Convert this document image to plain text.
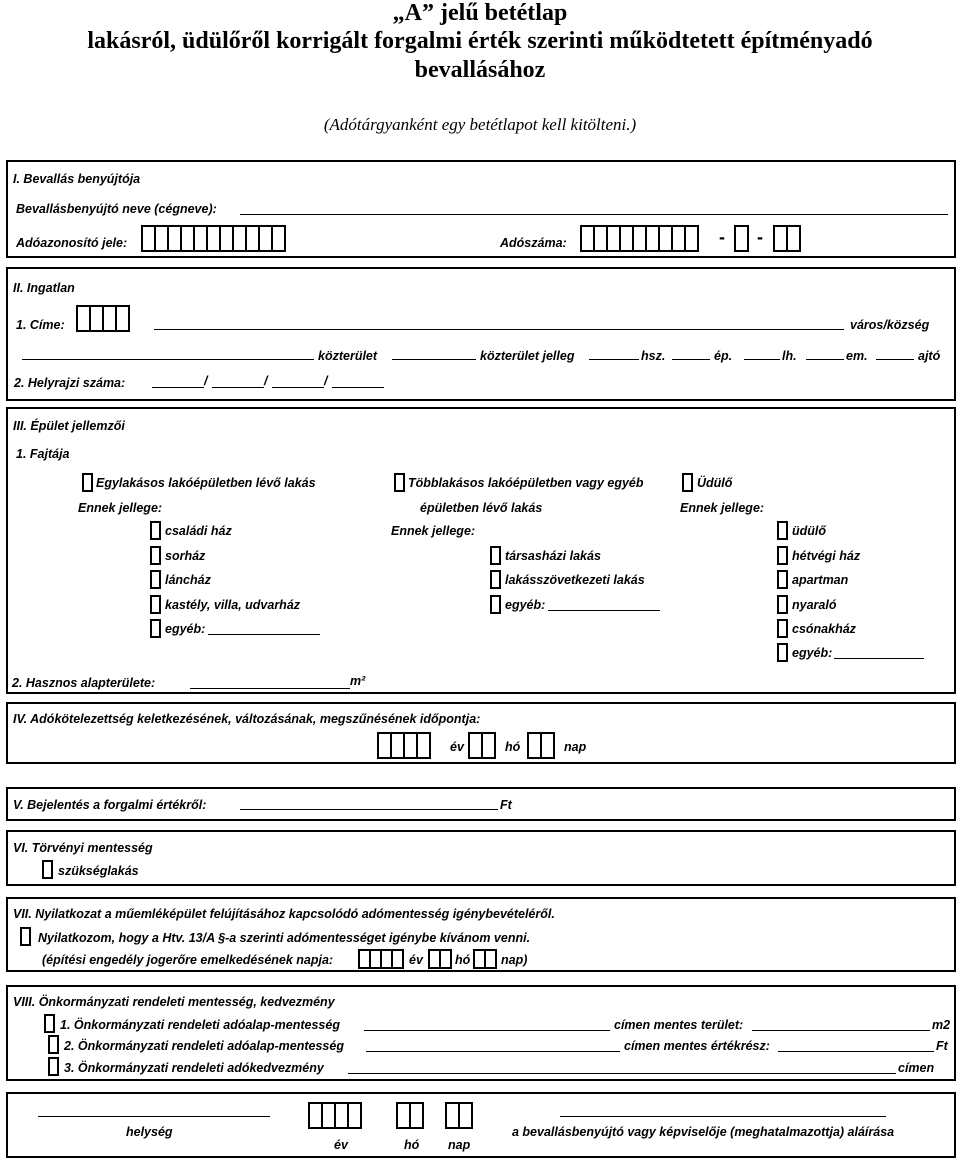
„A” jelű betétlap
lakásról, üdülőről korrigált forgalmi érték szerinti működtetett építményadó
bevallásához
(Adótárgyanként egy betétlapot kell kitölteni.)
I. Bevallás benyújtója
Bevallásbenyújtó neve (cégneve):
Adóazonosító jele:	Adószáma:	- -
II. Ingatlan
1. Címe:	város/község
közterület	közterület jelleg	hsz.	ép.	lh.	em.	ajtó
2. Helyrajzi száma:	/	/	/
III. Épület jellemzői
1. Fajtája
Egylakásos lakóépületben lévő lakás
Ennek jellege:
családi ház
sorház
láncház
kastély, villa, udvarház
egyéb:
Többlakásos lakóépületben vagy egyéb
épületben lévő lakás
Ennek jellege:
társasházi lakás
lakásszövetkezeti lakás
egyéb:
Üdülő
Ennek jellege:
üdülő
hétvégi ház
apartman
nyaraló
csónakház
egyéb:
2. Hasznos alapterülete:	m²
IV. Adókötelezettség keletkezésének, változásának, megszűnésének időpontja:
év	hó	nap
V. Bejelentés a forgalmi értékről:	Ft
VI. Törvényi mentesség
szükséglakás
VII. Nyilatkozat a műemléképület felújításához kapcsolódó adómentesség igénybevételéről.
Nyilatkozom, hogy a Htv. 13/A §-a szerinti adómentességet igénybe kívánom venni.
(építési engedély jogerőre emelkedésének napja:	év	hó nap)
VIII. Önkormányzati rendeleti mentesség, kedvezmény
1. Önkormányzati rendeleti adóalap-mentesség	címen mentes terület:	m2
2. Önkormányzati rendeleti adóalap-mentesség	címen mentes értékrész:	Ft
3. Önkormányzati rendeleti adókedvezmény	címen
helység
év	hó nap
a bevallásbenyújtó vagy képviselője (meghatalmazottja) aláírása
